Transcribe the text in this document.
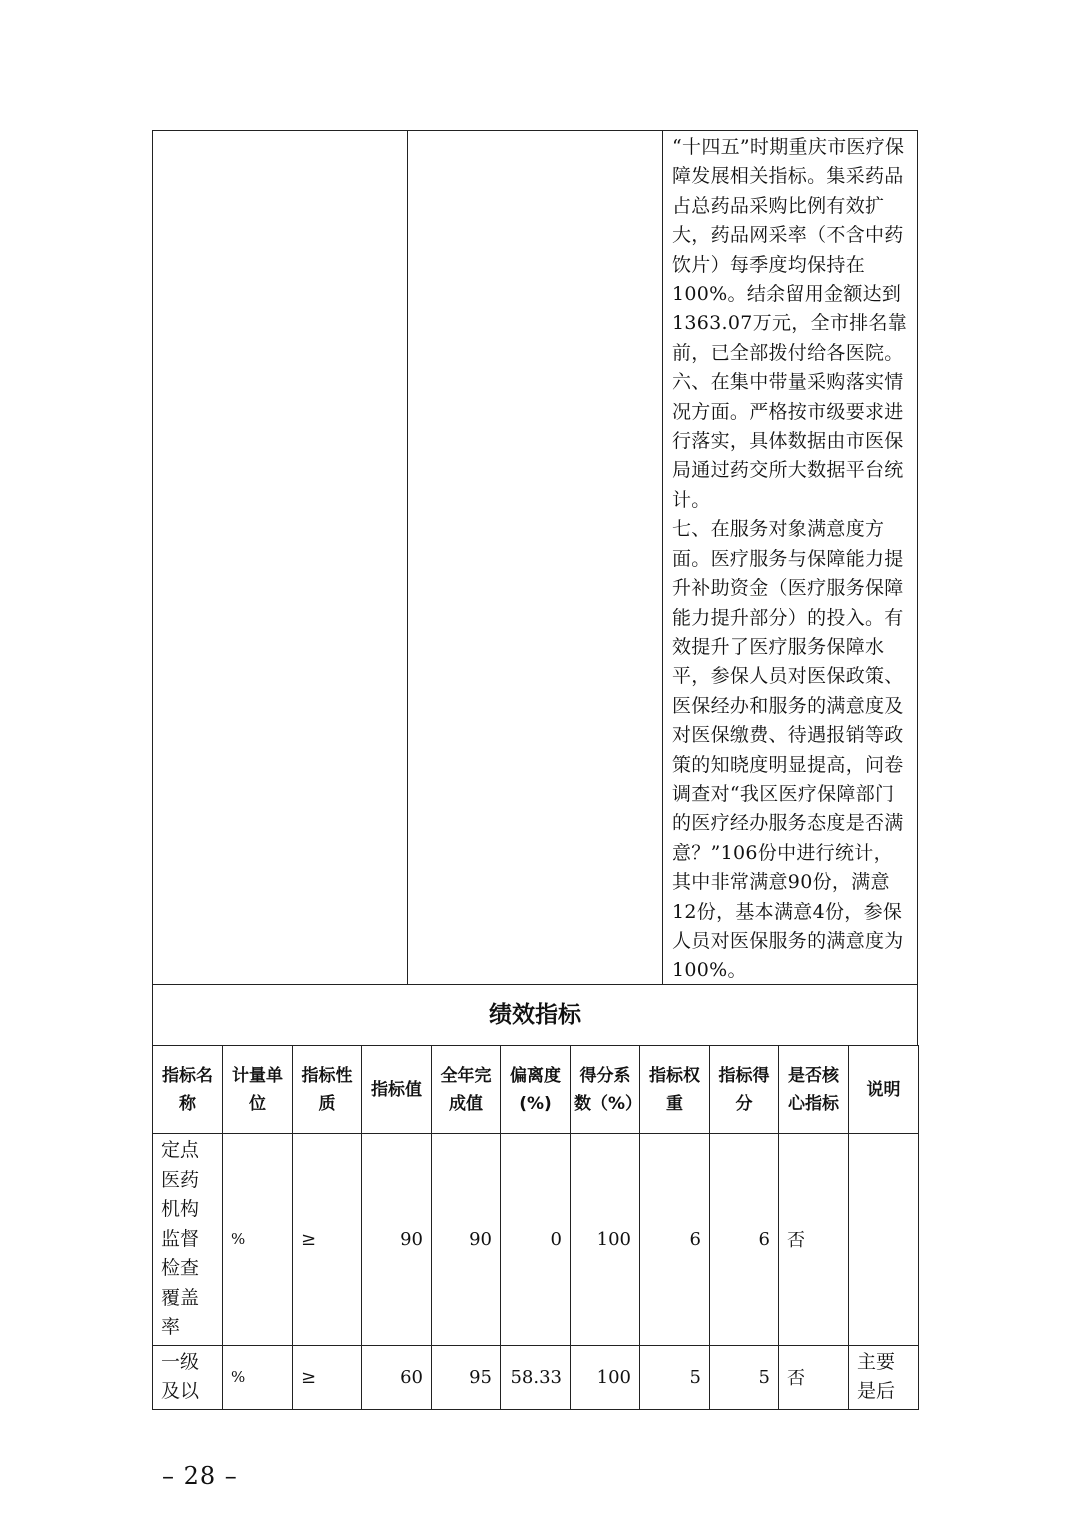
“十四五”时期重庆市医疗保障发展相关指标。集采药品占总药品采购比例有效扩大，药品网采率（不含中药饮片）每季度均保持在100%。结余留用金额达到1363.07万元，全市排名靠前，已全部拨付给各医院。

六、在集中带量采购落实情况方面。严格按市级要求进行落实，具体数据由市医保局通过药交所大数据平台统计。

七、在服务对象满意度方面。医疗服务与保障能力提升补助资金（医疗服务保障能力提升部分）的投入。有效提升了医疗服务保障水平，参保人员对医保政策、医保经办和服务的满意度及对医保缴费、待遇报销等政策的知晓度明显提高，问卷调查对“我区医疗保障部门的医疗经办服务态度是否满意？”106份中进行统计，其中非常满意90份，满意12份，基本满意4份，参保人员对医保服务的满意度为100%。

绩效指标
指标名称	计量单位	指标性质	指标值	全年完成值	偏离度(%)	得分系数（%）	指标权重	指标得分	是否核心指标	说明
定点医药机构监督检查覆盖率	%	≥	90	90	0	100	6	6	否	
一级及以	%	≥	60	95	58.33	100	5	5	否	主要是后
– 28 –
